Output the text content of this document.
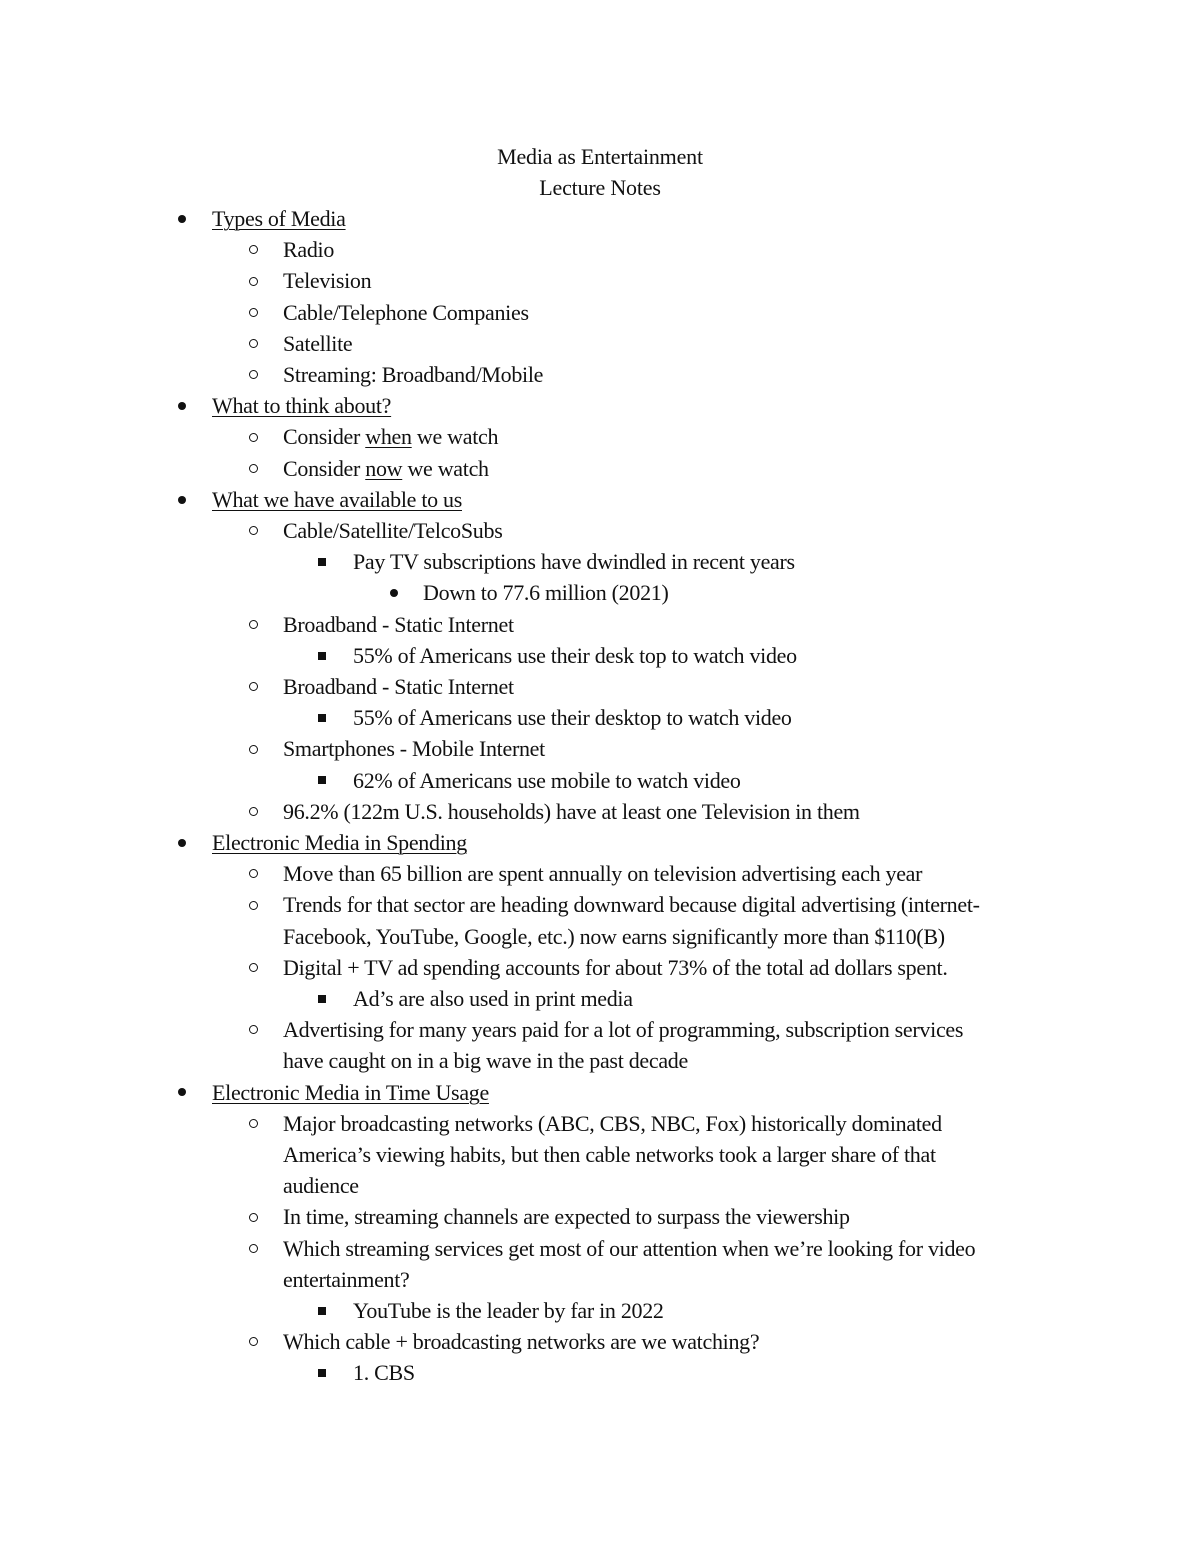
Media as Entertainment
Lecture Notes
Types of Media
Radio
Television
Cable/Telephone Companies
Satellite
Streaming: Broadband/Mobile
What to think about?
Consider when we watch
Consider now we watch
What we have available to us
Cable/Satellite/TelcoSubs
Pay TV subscriptions have dwindled in recent years
Down to 77.6 million (2021)
Broadband - Static Internet
55% of Americans use their desk top to watch video
Broadband - Static Internet
55% of Americans use their desktop to watch video
Smartphones - Mobile Internet
62% of Americans use mobile to watch video
96.2% (122m U.S. households) have at least one Television in them
Electronic Media in Spending
Move than 65 billion are spent annually on television advertising each year
Trends for that sector are heading downward because digital advertising (internet-
Facebook, YouTube, Google, etc.) now earns significantly more than $110(B)
Digital + TV ad spending accounts for about 73% of the total ad dollars spent.
Ad’s are also used in print media
Advertising for many years paid for a lot of programming, subscription services
have caught on in a big wave in the past decade
Electronic Media in Time Usage
Major broadcasting networks (ABC, CBS, NBC, Fox) historically dominated
America’s viewing habits, but then cable networks took a larger share of that
audience
In time, streaming channels are expected to surpass the viewership
Which streaming services get most of our attention when we’re looking for video
entertainment?
YouTube is the leader by far in 2022
Which cable + broadcasting networks are we watching?
1. CBS
